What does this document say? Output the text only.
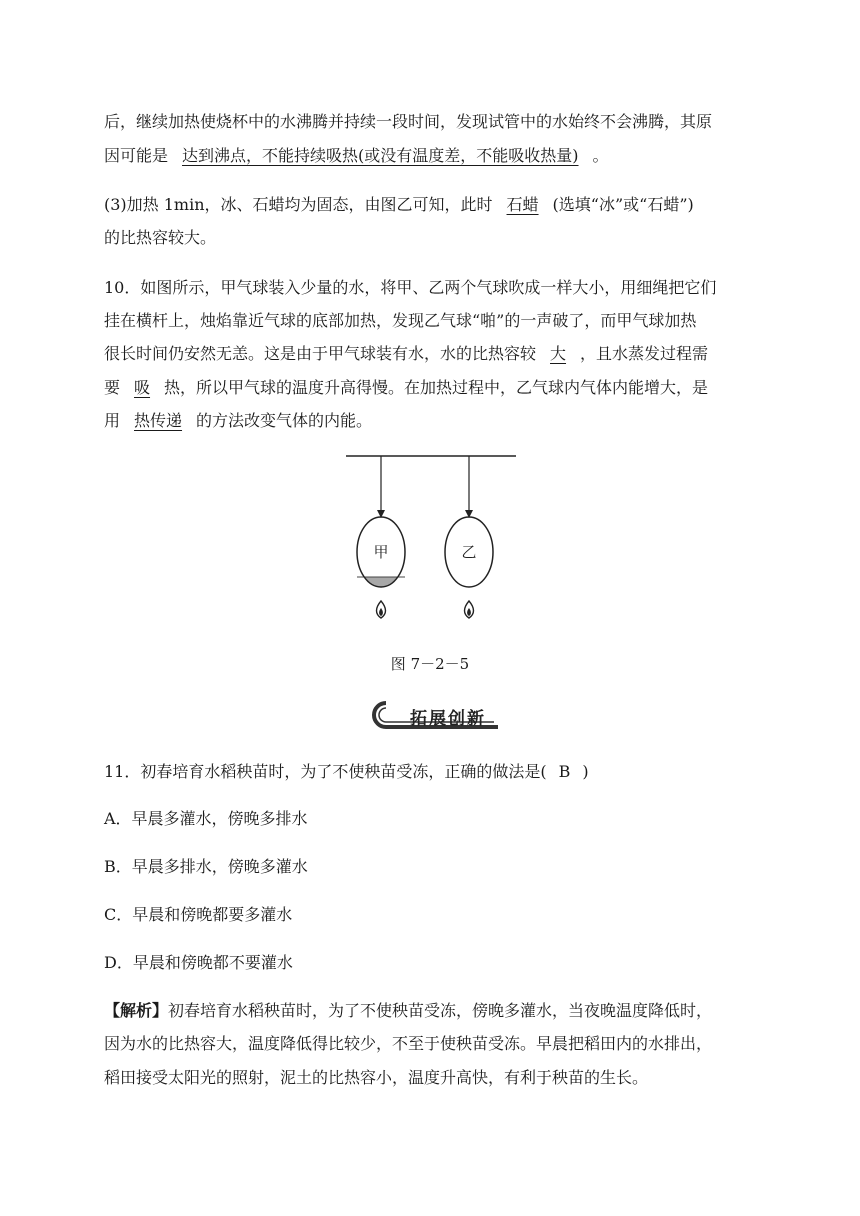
后，继续加热使烧杯中的水沸腾并持续一段时间，发现试管中的水始终不会沸腾，其原
因可能是 达到沸点，不能持续吸热(或没有温度差，不能吸收热量) 。
(3)加热 1min，冰、石蜡均为固态，由图乙可知，此时 石蜡 (选填“冰”或“石蜡”)
的比热容较大。
10．如图所示，甲气球装入少量的水，将甲、乙两个气球吹成一样大小，用细绳把它们
挂在横杆上，烛焰靠近气球的底部加热，发现乙气球“啪”的一声破了，而甲气球加热
很长时间仍安然无恙。这是由于甲气球装有水，水的比热容较 大 ，且水蒸发过程需
要 吸 热，所以甲气球的温度升高得慢。在加热过程中，乙气球内气体内能增大，是
用 热传递 的方法改变气体的内能。
甲	乙
图 7－2－5
拓展创新
11．初春培育水稻秧苗时，为了不使秧苗受冻，正确的做法是( B )
A．早晨多灌水，傍晚多排水
B．早晨多排水，傍晚多灌水
C．早晨和傍晚都要多灌水
D．早晨和傍晚都不要灌水
【解析】初春培育水稻秧苗时，为了不使秧苗受冻，傍晚多灌水，当夜晚温度降低时，
因为水的比热容大，温度降低得比较少，不至于使秧苗受冻。早晨把稻田内的水排出，
稻田接受太阳光的照射，泥土的比热容小，温度升高快，有利于秧苗的生长。
